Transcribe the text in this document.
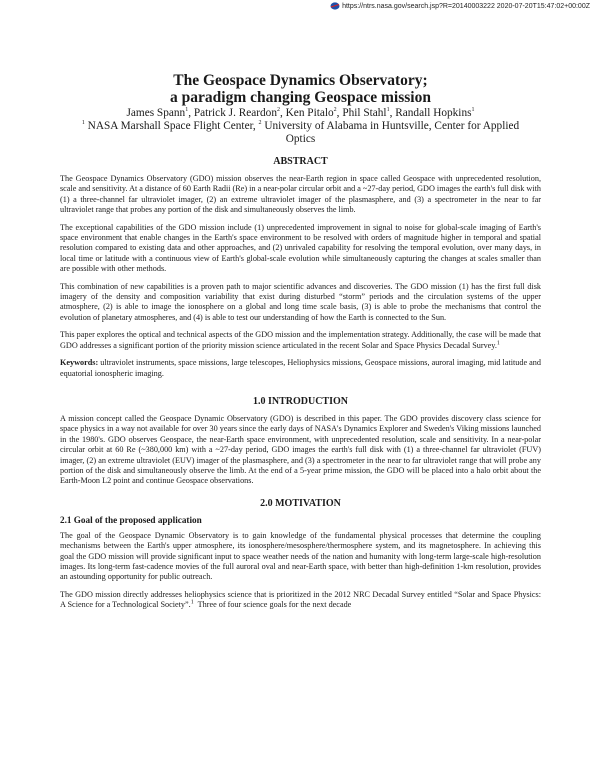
https://ntrs.nasa.gov/search.jsp?R=20140003222 2020-07-20T15:47:02+00:00Z
The Geospace Dynamics Observatory;
a paradigm changing Geospace mission
James Spann$^1$, Patrick J. Reardon$^2$, Ken Pitalo$^2$, Phil Stahl$^1$, Randall Hopkins$^1$
$^1$ NASA Marshall Space Flight Center, $^2$ University of Alabama in Huntsville, Center for Applied
Optics
ABSTRACT

The Geospace Dynamics Observatory (GDO) mission observes the near-Earth region in space called Geospace with unprecedented resolution, scale and sensitivity. At a distance of 60 Earth Radii (Re) in a near-polar circular orbit and a ~27-day period, GDO images the earth's full disk with (1) a three-channel far ultraviolet imager, (2) an extreme ultraviolet imager of the plasmasphere, and (3) a spectrometer in the near to far ultraviolet range that probes any portion of the disk and simultaneously observes the limb.

The exceptional capabilities of the GDO mission include (1) unprecedented improvement in signal to noise for global-scale imaging of Earth's space environment that enable changes in the Earth's space environment to be resolved with orders of magnitude higher in temporal and spatial resolution compared to existing data and other approaches, and (2) unrivaled capability for resolving the temporal evolution, over many days, in local time or latitude with a continuous view of Earth's global-scale evolution while simultaneously capturing the changes at scales smaller than are possible with other methods.

This combination of new capabilities is a proven path to major scientific advances and discoveries. The GDO mission (1) has the first full disk imagery of the density and composition variability that exist during disturbed “storm” periods and the circulation systems of the upper atmosphere, (2) is able to image the ionosphere on a global and long time scale basis, (3) is able to probe the mechanisms that control the evolution of planetary atmospheres, and (4) is able to test our understanding of how the Earth is connected to the Sun.

This paper explores the optical and technical aspects of the GDO mission and the implementation strategy. Additionally, the case will be made that GDO addresses a significant portion of the priority mission science articulated in the recent Solar and Space Physics Decadal Survey.$^1$

Keywords: ultraviolet instruments, space missions, large telescopes, Heliophysics missions, Geospace missions, auroral imaging, mid latitude and equatorial ionospheric imaging.

1.0 INTRODUCTION

A mission concept called the Geospace Dynamic Observatory (GDO) is described in this paper. The GDO provides discovery class science for space physics in a way not available for over 30 years since the early days of NASA's Dynamics Explorer and Sweden's Viking missions launched in the 1980's. GDO observes Geospace, the near-Earth space environment, with unprecedented resolution, scale and sensitivity. In a near-polar circular orbit at 60 Re (~380,000 km) with a ~27-day period, GDO images the earth's full disk with (1) a three-channel far ultraviolet (FUV) imager, (2) an extreme ultraviolet (EUV) imager of the plasmasphere, and (3) a spectrometer in the near to far ultraviolet range that will probe any portion of the disk and simultaneously observe the limb. At the end of a 5-year prime mission, the GDO will be placed into a halo orbit about the Earth-Moon L2 point and continue Geospace observations.

2.0 MOTIVATION

2.1 Goal of the proposed application

The goal of the Geospace Dynamic Observatory is to gain knowledge of the fundamental physical processes that determine the coupling mechanisms between the Earth's upper atmosphere, its ionosphere/mesosphere/thermosphere system, and its magnetosphere. In achieving this goal the GDO mission will provide significant input to space weather needs of the nation and humanity with long-term large-scale high-resolution images. Its long-term fast-cadence movies of the full auroral oval and near-Earth space, with better than high-definition 1-km resolution, provides an astounding opportunity for public outreach.

The GDO mission directly addresses heliophysics science that is prioritized in the 2012 NRC Decadal Survey entitled “Solar and Space Physics: A Science for a Technological Society”.$^1$ Three of four science goals for the next decade
